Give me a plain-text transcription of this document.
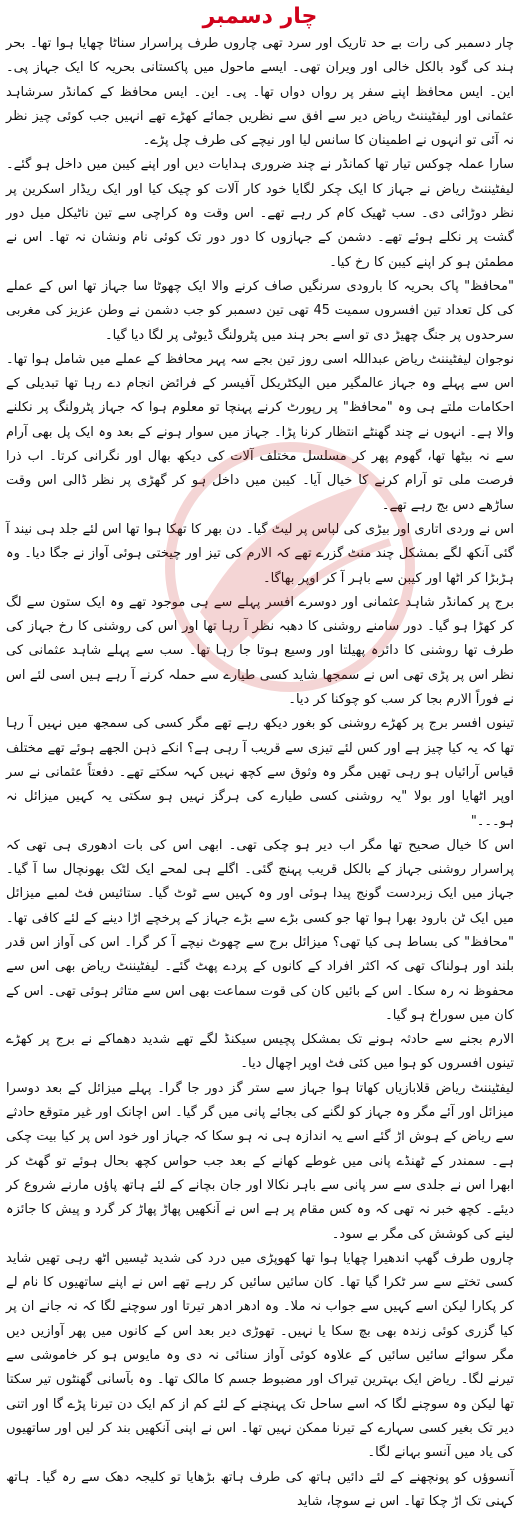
چار دسمبر

چار دسمبر کی رات بے حد تاریک اور سرد تھی چاروں طرف پراسرار سناٹا چھایا ہوا تھا۔ بحر ہند کی گود بالکل خالی اور ویران تھی۔ ایسے ماحول میں پاکستانی بحریہ کا ایک جہاز پی۔ این۔ ایس محافظ اپنے سفر پر رواں دواں تھا۔ پی۔ این۔ ایس محافظ کے کمانڈر سرشاہد عثمانی اور لیفٹیننٹ ریاض دیر سے افق سے نظریں جمائے کھڑے تھے انہیں جب کوئی چیز نظر نہ آئی تو انہوں نے اطمینان کا سانس لیا اور نیچے کی طرف چل پڑے۔

سارا عملہ چوکس تیار تھا کمانڈر نے چند ضروری ہدایات دیں اور اپنے کیبن میں داخل ہو گئے۔ لیفٹیننٹ ریاض نے جہاز کا ایک چکر لگایا خود کار آلات کو چیک کیا اور ایک ریڈار اسکرین پر نظر دوڑائی دی۔ سب ٹھیک کام کر رہے تھے۔ اس وقت وہ کراچی سے تین ناٹیکل میل دور گشت پر نکلے ہوئے تھے۔ دشمن کے جہازوں کا دور دور تک کوئی نام ونشان نہ تھا۔ اس نے مطمئن ہو کر اپنے کیبن کا رخ کیا۔

"محافظ" پاک بحریہ کا بارودی سرنگیں صاف کرنے والا ایک چھوٹا سا جہاز تھا اس کے عملے کی کل تعداد تین افسروں سمیت 45 تھی تین دسمبر کو جب دشمن نے وطن عزیز کی مغربی سرحدوں پر جنگ چھیڑ دی تو اسے بحر ہند میں پٹرولنگ ڈیوٹی پر لگا دیا گیا۔

نوجوان لیفٹیننٹ ریاض عبداللہ اسی روز تین بجے سہ پہر محافظ کے عملے میں شامل ہوا تھا۔ اس سے پہلے وہ جہاز عالمگیر میں الیکٹریکل آفیسر کے فرائض انجام دے رہا تھا تبدیلی کے احکامات ملتے ہی وہ "محافظ" پر رپورٹ کرنے پہنچا تو معلوم ہوا کہ جہاز پٹرولنگ پر نکلنے والا ہے۔ انہوں نے چند گھنٹے انتظار کرنا پڑا۔ جہاز میں سوار ہونے کے بعد وہ ایک پل بھی آرام سے نہ بیٹھا تھا، گھوم پھر کر مسلسل مختلف آلات کی دیکھ بھال اور نگرانی کرتا۔ اب ذرا فرصت ملی تو آرام کرنے کا خیال آیا۔ کیبن میں داخل ہو کر گھڑی پر نظر ڈالی اس وقت ساڑھے دس بج رہے تھے۔

اس نے وردی اتاری اور بیڑی کی لباس پر لیٹ گیا۔ دن بھر کا تھکا ہوا تھا اس لئے جلد ہی نیند آ گئی آنکھ لگے بمشکل چند منٹ گزرے تھے کہ الارم کی تیز اور چیختی ہوئی آواز نے جگا دیا۔ وہ ہڑبڑا کر اٹھا اور کیبن سے باہر آ کر اوپر بھاگا۔

برج پر کمانڈر شاہد عثمانی اور دوسرے افسر پہلے سے ہی موجود تھے وہ ایک ستون سے لگ کر کھڑا ہو گیا۔ دور سامنے روشنی کا دھبہ نظر آ رہا تھا اور اس کی روشنی کا رخ جہاز کی طرف تھا روشنی کا دائرہ پھیلتا اور وسیع ہوتا جا رہا تھا۔ سب سے پہلے شاہد عثمانی کی نظر اس پر پڑی تھی اس نے سمجھا شاید کسی طیارے سے حملہ کرنے آ رہے ہیں اسی لئے اس نے فوراً الارم بجا کر سب کو چوکنا کر دیا۔

تینوں افسر برج پر کھڑے روشنی کو بغور دیکھ رہے تھے مگر کسی کی سمجھ میں نہیں آ رہا تھا کہ یہ کیا چیز ہے اور کس لئے تیزی سے قریب آ رہی ہے؟ انکے ذہن الجھے ہوئے تھے مختلف قیاس آرائیاں ہو رہی تھیں مگر وہ وثوق سے کچھ نہیں کہہ سکتے تھے۔ دفعتاً عثمانی نے سر اوپر اٹھایا اور بولا "یہ روشنی کسی طیارے کی ہرگز نہیں ہو سکتی یہ کہیں میزائل نہ ہو۔۔۔"

اس کا خیال صحیح تھا مگر اب دیر ہو چکی تھی۔ ابھی اس کی بات ادھوری ہی تھی کہ پراسرار روشنی جہاز کے بالکل قریب پہنچ گئی۔ اگلے ہی لمحے ایک لٹک بھونچال سا آ گیا۔ جہاز میں ایک زبردست گونج پیدا ہوئی اور وہ کہیں سے ٹوٹ گیا۔ ستائیس فٹ لمبے میزائل میں ایک ٹن بارود بھرا ہوا تھا جو کسی بڑے سے بڑے جہاز کے پرخچے اڑا دینے کے لئے کافی تھا۔ "محافظ" کی بساط ہی کیا تھی؟ میزائل برج سے چھوٹ نیچے آ کر گرا۔ اس کی آواز اس قدر بلند اور ہولناک تھی کہ اکثر افراد کے کانوں کے پردے پھٹ گئے۔ لیفٹیننٹ ریاض بھی اس سے محفوظ نہ رہ سکا۔ اس کے بائیں کان کی قوت سماعت بھی اس سے متاثر ہوئی تھی۔ اس کے کان میں سوراخ ہو گیا۔

الارم بجنے سے حادثہ ہونے تک بمشکل پچیس سیکنڈ لگے تھے شدید دھماکے نے برج پر کھڑے تینوں افسروں کو ہوا میں کئی فٹ اوپر اچھال دیا۔

لیفٹیننٹ ریاض قلابازیاں کھاتا ہوا جہاز سے ستر گز دور جا گرا۔ پہلے میزائل کے بعد دوسرا میزائل اور آئے مگر وہ جہاز کو لگنے کی بجائے پانی میں گر گیا۔ اس اچانک اور غیر متوقع حادثے سے ریاض کے ہوش اڑ گئے اسے یہ اندازہ ہی نہ ہو سکا کہ جہاز اور خود اس پر کیا بیت چکی ہے۔ سمندر کے ٹھنڈے پانی میں غوطے کھانے کے بعد جب حواس کچھ بحال ہوئے تو گھٹ کر ابھرا اس نے جلدی سے سر پانی سے باہر نکالا اور جان بچانے کے لئے ہاتھ پاؤں مارنے شروع کر دیئے۔ کچھ خبر نہ تھی کہ وہ کس مقام پر ہے اس نے آنکھیں پھاڑ پھاڑ کر گرد و پیش کا جائزہ لینے کی کوشش کی مگر بے سود۔

چاروں طرف گھپ اندھیرا چھایا ہوا تھا کھوپڑی میں درد کی شدید ٹیسیں اٹھ رہی تھیں شاید کسی تختے سے سر ٹکرا گیا تھا۔ کان سائیں سائیں کر رہے تھے اس نے اپنے ساتھیوں کا نام لے کر پکارا لیکن اسے کہیں سے جواب نہ ملا۔ وہ ادھر ادھر تیرتا اور سوچنے لگا کہ نہ جانے ان پر کیا گزری کوئی زندہ بھی بچ سکا یا نہیں۔ تھوڑی دیر بعد اس کے کانوں میں پھر آوازیں دیں مگر سوائے سائیں سائیں کے علاوہ کوئی آواز سنائی نہ دی وہ مایوس ہو کر خاموشی سے تیرنے لگا۔ ریاض ایک بہترین تیراک اور مضبوط جسم کا مالک تھا۔ وہ بآسانی گھنٹوں تیر سکتا تھا لیکن وہ سوچنے لگا کہ اسے ساحل تک پہنچنے کے لئے کم از کم ایک دن تیرنا پڑے گا اور اتنی دیر تک بغیر کسی سہارے کے تیرنا ممکن نہیں تھا۔ اس نے اپنی آنکھیں بند کر لیں اور ساتھیوں کی یاد میں آنسو بہانے لگا۔

آنسوؤں کو پونچھنے کے لئے دائیں ہاتھ کی طرف ہاتھ بڑھایا تو کلیجہ دھک سے رہ گیا۔ ہاتھ کہنی تک اڑ چکا تھا۔ اس نے سوچا، شاید
